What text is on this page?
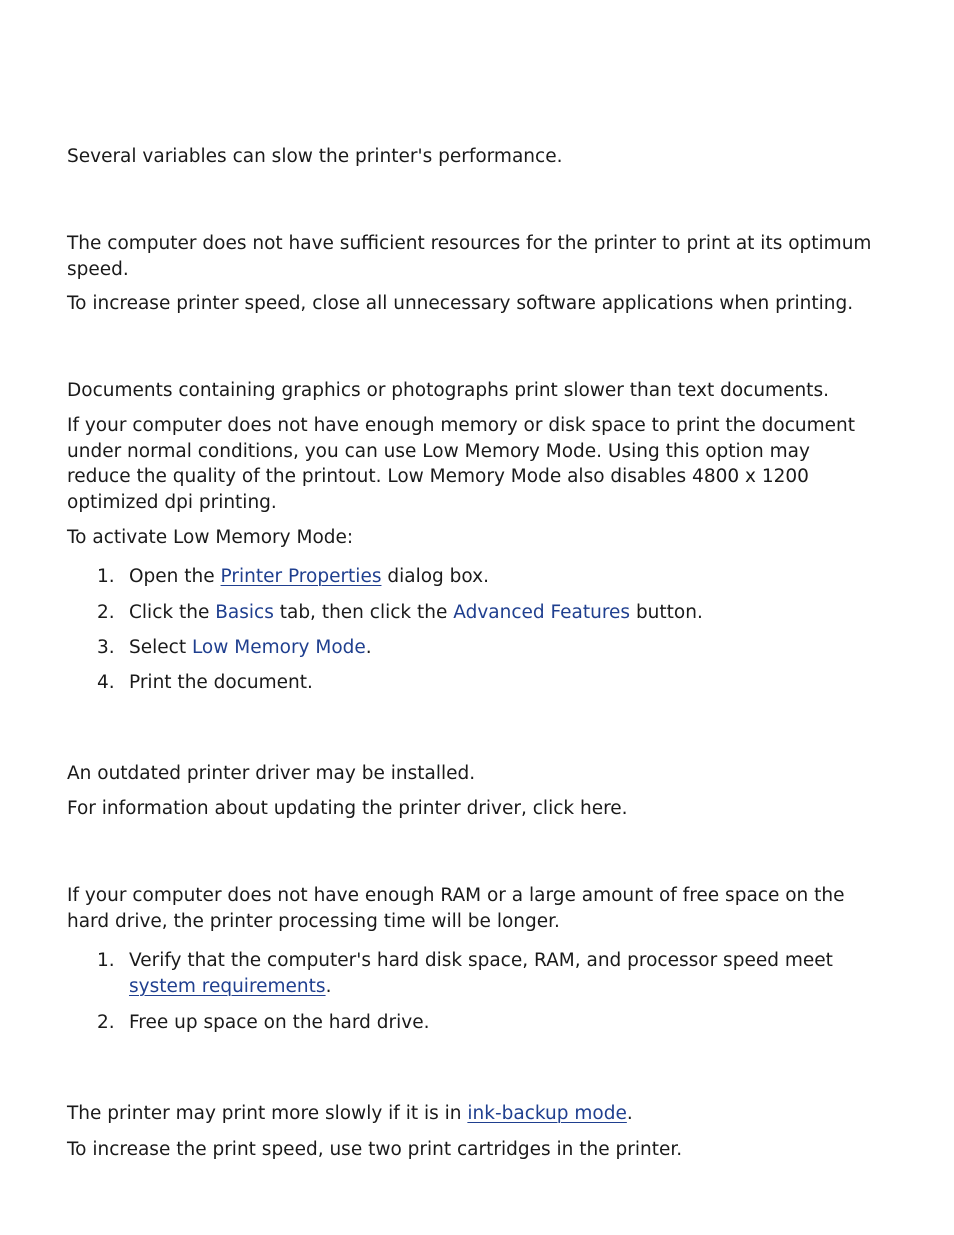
Several variables can slow the printer's performance.

The computer does not have sufficient resources for the printer to print at its optimum speed.

To increase printer speed, close all unnecessary software applications when printing.

Documents containing graphics or photographs print slower than text documents.

If your computer does not have enough memory or disk space to print the document under normal conditions, you can use Low Memory Mode. Using this option may reduce the quality of the printout. Low Memory Mode also disables 4800 x 1200 optimized dpi printing.

To activate Low Memory Mode:

1. Open the Printer Properties dialog box.
2. Click the Basics tab, then click the Advanced Features button.
3. Select Low Memory Mode.
4. Print the document.

An outdated printer driver may be installed.

For information about updating the printer driver, click here.

If your computer does not have enough RAM or a large amount of free space on the hard drive, the printer processing time will be longer.

1. Verify that the computer's hard disk space, RAM, and processor speed meet system requirements.
2. Free up space on the hard drive.

The printer may print more slowly if it is in ink-backup mode.

To increase the print speed, use two print cartridges in the printer.
